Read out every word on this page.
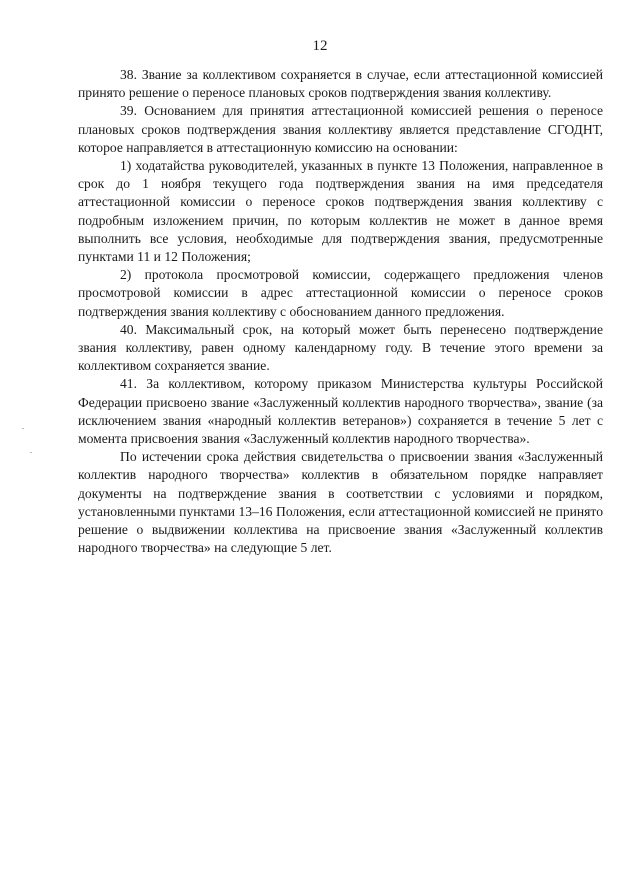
12

38. Звание за коллективом сохраняется в случае, если аттестационной комиссией принято решение о переносе плановых сроков подтверждения звания коллективу.

39. Основанием для принятия аттестационной комиссией решения о переносе плановых сроков подтверждения звания коллективу является представление СГОДНТ, которое направляется в аттестационную комиссию на основании:

1) ходатайства руководителей, указанных в пункте 13 Положения, направленное в срок до 1 ноября текущего года подтверждения звания на имя председателя аттестационной комиссии о переносе сроков подтверждения звания коллективу с подробным изложением причин, по которым коллектив не может в данное время выполнить все условия, необходимые для подтверждения звания, предусмотренные пунктами 11 и 12 Положения;

2) протокола просмотровой комиссии, содержащего предложения членов просмотровой комиссии в адрес аттестационной комиссии о переносе сроков подтверждения звания коллективу с обоснованием данного предложения.

40. Максимальный срок, на который может быть перенесено подтверждение звания коллективу, равен одному календарному году. В течение этого времени за коллективом сохраняется звание.

41. За коллективом, которому приказом Министерства культуры Российской Федерации присвоено звание «Заслуженный коллектив народного творчества», звание (за исключением звания «народный коллектив ветеранов») сохраняется в течение 5 лет с момента присвоения звания «Заслуженный коллектив народного творчества».

По истечении срока действия свидетельства о присвоении звания «Заслуженный коллектив народного творчества» коллектив в обязательном порядке направляет документы на подтверждение звания в соответствии с условиями и порядком, установленными пунктами 13–16 Положения, если аттестационной комиссией не принято решение о выдвижении коллектива на присвоение звания «Заслуженный коллектив народного творчества» на следующие 5 лет.
